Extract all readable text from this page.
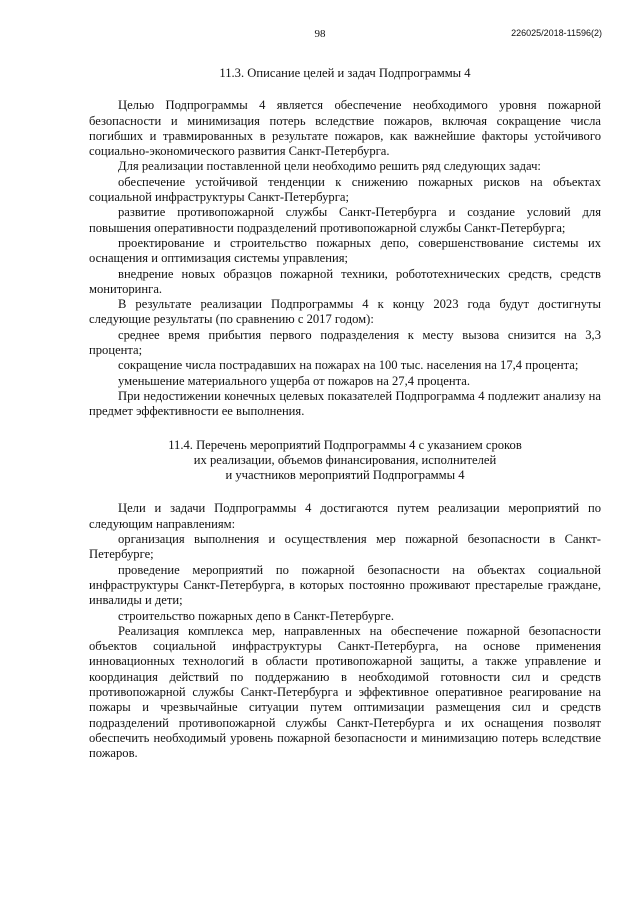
98	226025/2018-11596(2)
11.3. Описание целей и задач Подпрограммы 4

Целью Подпрограммы 4 является обеспечение необходимого уровня пожарной безопасности и минимизация потерь вследствие пожаров, включая сокращение числа погибших и травмированных в результате пожаров, как важнейшие факторы устойчивого социально-экономического развития Санкт-Петербурга.

Для реализации поставленной цели необходимо решить ряд следующих задач:

обеспечение устойчивой тенденции к снижению пожарных рисков на объектах социальной инфраструктуры Санкт-Петербурга;

развитие противопожарной службы Санкт-Петербурга и создание условий для повышения оперативности подразделений противопожарной службы Санкт-Петербурга;

проектирование и строительство пожарных депо, совершенствование системы их оснащения и оптимизация системы управления;

внедрение новых образцов пожарной техники, робототехнических средств, средств мониторинга.

В результате реализации Подпрограммы 4 к концу 2023 года будут достигнуты следующие результаты (по сравнению с 2017 годом):

среднее время прибытия первого подразделения к месту вызова снизится на 3,3 процента;

сокращение числа пострадавших на пожарах на 100 тыс. населения на 17,4 процента;

уменьшение материального ущерба от пожаров на 27,4 процента.

При недостижении конечных целевых показателей Подпрограмма 4 подлежит анализу на предмет эффективности ее выполнения.

11.4. Перечень мероприятий Подпрограммы 4 с указанием сроков
их реализации, объемов финансирования, исполнителей
и участников мероприятий Подпрограммы 4

Цели и задачи Подпрограммы 4 достигаются путем реализации мероприятий по следующим направлениям:

организация выполнения и осуществления мер пожарной безопасности в Санкт-Петербурге;

проведение мероприятий по пожарной безопасности на объектах социальной инфраструктуры Санкт-Петербурга, в которых постоянно проживают престарелые граждане, инвалиды и дети;

строительство пожарных депо в Санкт-Петербурге.

Реализация комплекса мер, направленных на обеспечение пожарной безопасности объектов социальной инфраструктуры Санкт-Петербурга, на основе применения инновационных технологий в области противопожарной защиты, а также управление и координация действий по поддержанию в необходимой готовности сил и средств противопожарной службы Санкт-Петербурга и эффективное оперативное реагирование на пожары и чрезвычайные ситуации путем оптимизации размещения сил и средств подразделений противопожарной службы Санкт-Петербурга и их оснащения позволят обеспечить необходимый уровень пожарной безопасности и минимизацию потерь вследствие пожаров.
